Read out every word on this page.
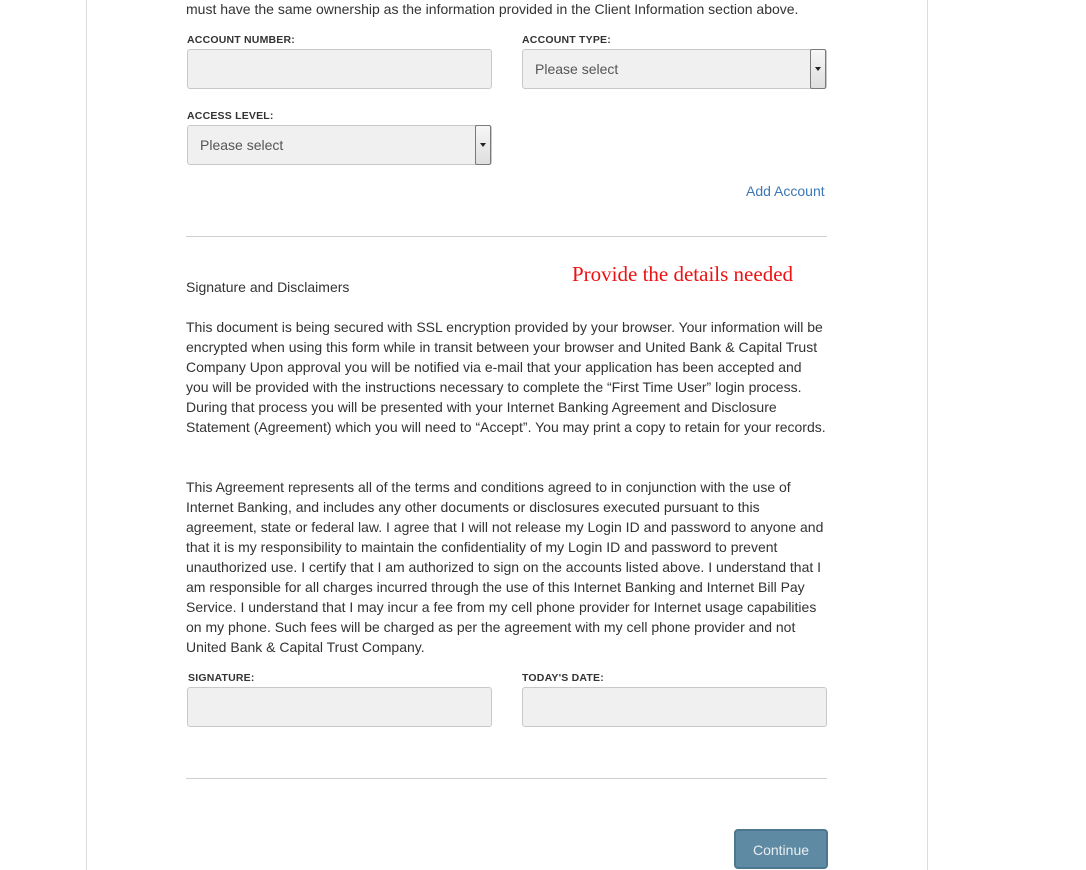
must have the same ownership as the information provided in the Client Information section above.
ACCOUNT NUMBER:	ACCOUNT TYPE:
Please select
ACCESS LEVEL:
Please select
Add Account
Provide the details needed
Signature and Disclaimers
This document is being secured with SSL encryption provided by your browser. Your information will be encrypted when using this form while in transit between your browser and United Bank & Capital Trust Company Upon approval you will be notified via e-mail that your application has been accepted and you will be provided with the instructions necessary to complete the “First Time User” login process. During that process you will be presented with your Internet Banking Agreement and Disclosure Statement (Agreement) which you will need to “Accept”. You may print a copy to retain for your records.
This Agreement represents all of the terms and conditions agreed to in conjunction with the use of Internet Banking, and includes any other documents or disclosures executed pursuant to this agreement, state or federal law. I agree that I will not release my Login ID and password to anyone and that it is my responsibility to maintain the confidentiality of my Login ID and password to prevent unauthorized use. I certify that I am authorized to sign on the accounts listed above. I understand that I am responsible for all charges incurred through the use of this Internet Banking and Internet Bill Pay Service. I understand that I may incur a fee from my cell phone provider for Internet usage capabilities on my phone. Such fees will be charged as per the agreement with my cell phone provider and not United Bank & Capital Trust Company.
SIGNATURE:	TODAY'S DATE:
Continue
